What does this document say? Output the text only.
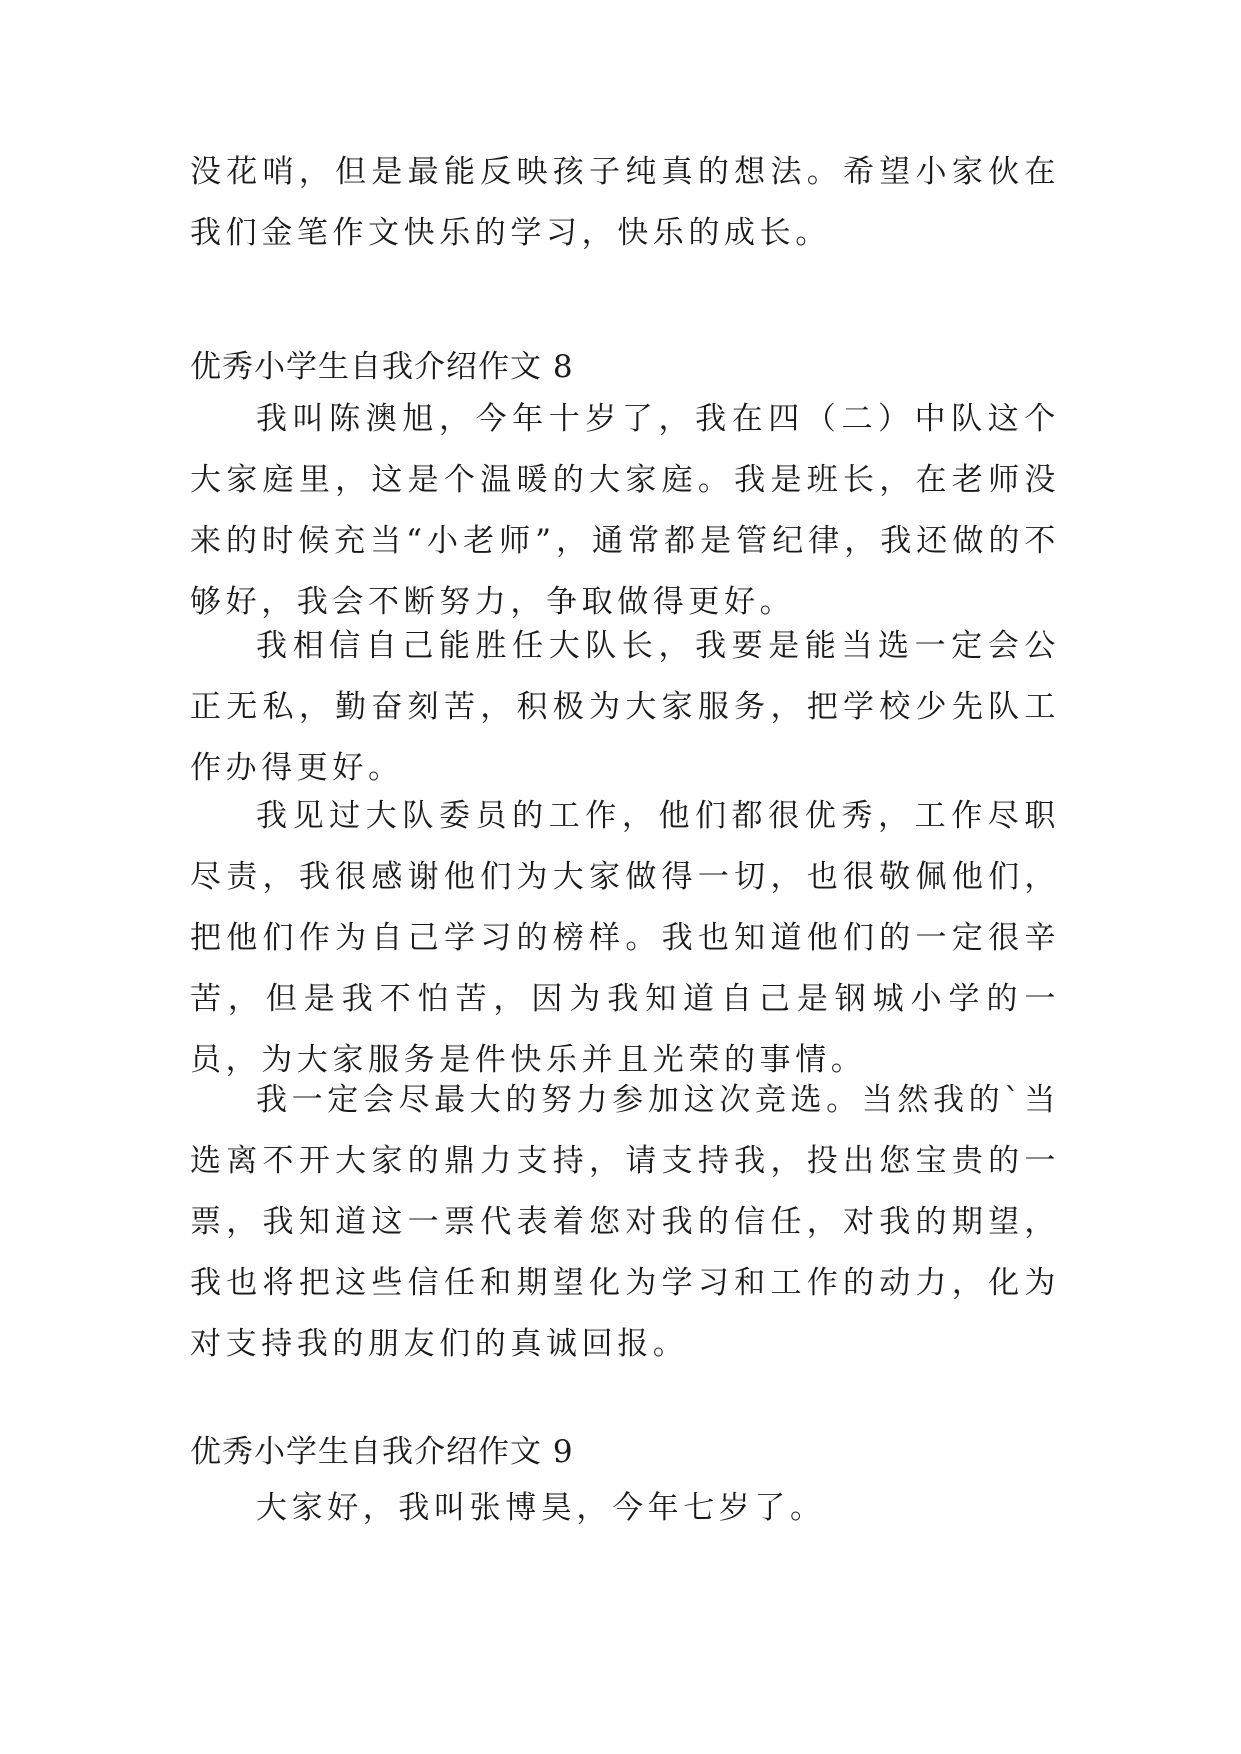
没花哨，但是最能反映孩子纯真的想法。希望小家伙在我们金笔作文快乐的学习，快乐的成长。

优秀小学生自我介绍作文 8

我叫陈澳旭，今年十岁了，我在四（二）中队这个大家庭里，这是个温暖的大家庭。我是班长，在老师没来的时候充当“小老师”，通常都是管纪律，我还做的不够好，我会不断努力，争取做得更好。

我相信自己能胜任大队长，我要是能当选一定会公正无私，勤奋刻苦，积极为大家服务，把学校少先队工作办得更好。

我见过大队委员的工作，他们都很优秀，工作尽职尽责，我很感谢他们为大家做得一切，也很敬佩他们，把他们作为自己学习的榜样。我也知道他们的一定很辛苦，但是我不怕苦，因为我知道自己是钢城小学的一员，为大家服务是件快乐并且光荣的事情。

我一定会尽最大的努力参加这次竞选。当然我的`当选离不开大家的鼎力支持，请支持我，投出您宝贵的一票，我知道这一票代表着您对我的信任，对我的期望，我也将把这些信任和期望化为学习和工作的动力，化为对支持我的朋友们的真诚回报。

优秀小学生自我介绍作文 9

大家好，我叫张博昊，今年七岁了。
